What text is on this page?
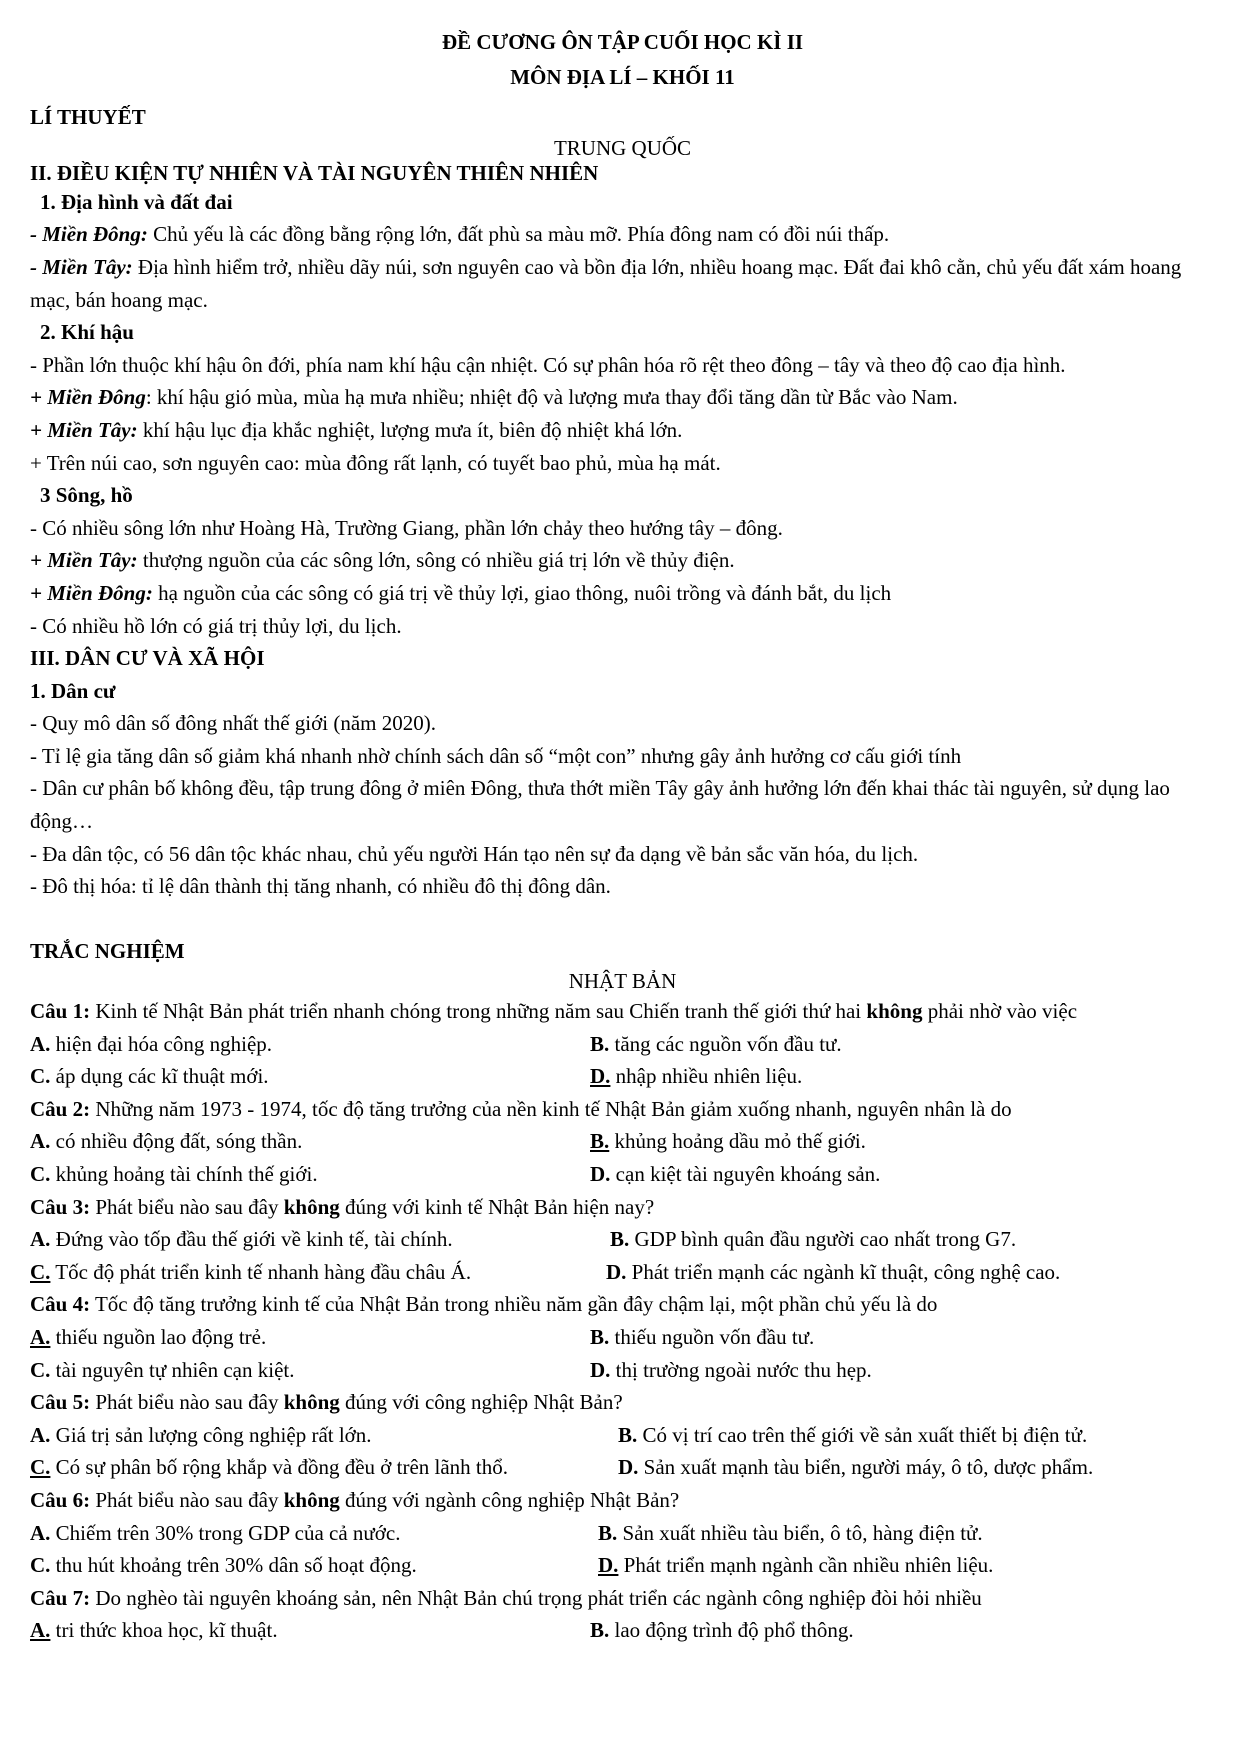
ĐỀ CƯƠNG ÔN TẬP CUỐI HỌC KÌ II
MÔN ĐỊA LÍ – KHỐI 11
LÍ THUYẾT
TRUNG QUỐC
II. ĐIỀU KIỆN TỰ NHIÊN VÀ TÀI NGUYÊN THIÊN NHIÊN
1. Địa hình và đất đai
- Miền Đông: Chủ yếu là các đồng bằng rộng lớn, đất phù sa màu mỡ. Phía đông nam có đồi núi thấp.
- Miền Tây: Địa hình hiểm trở, nhiều dãy núi, sơn nguyên cao và bồn địa lớn, nhiều hoang mạc. Đất đai khô cằn, chủ yếu đất xám hoang mạc, bán hoang mạc.
2. Khí hậu
- Phần lớn thuộc khí hậu ôn đới, phía nam khí hậu cận nhiệt. Có sự phân hóa rõ rệt theo đông – tây và theo độ cao địa hình.
+ Miền Đông: khí hậu gió mùa, mùa hạ mưa nhiều; nhiệt độ và lượng mưa thay đổi tăng dần từ Bắc vào Nam.
+ Miền Tây: khí hậu lục địa khắc nghiệt, lượng mưa ít, biên độ nhiệt khá lớn.
+ Trên núi cao, sơn nguyên cao: mùa đông rất lạnh, có tuyết bao phủ, mùa hạ mát.
3 Sông, hồ
- Có nhiều sông lớn như Hoàng Hà, Trường Giang, phần lớn chảy theo hướng tây – đông.
+ Miền Tây: thượng nguồn của các sông lớn, sông có nhiều giá trị lớn về thủy điện.
+ Miền Đông: hạ nguồn của các sông có giá trị về thủy lợi, giao thông, nuôi trồng và đánh bắt, du lịch
- Có nhiều hồ lớn có giá trị thủy lợi, du lịch.
III. DÂN CƯ VÀ XÃ HỘI
1. Dân cư
- Quy mô dân số đông nhất thế giới (năm 2020).
- Tỉ lệ gia tăng dân số giảm khá nhanh nhờ chính sách dân số “một con” nhưng gây ảnh hưởng cơ cấu giới tính
- Dân cư phân bố không đều, tập trung đông ở miên Đông, thưa thớt miền Tây gây ảnh hưởng lớn đến khai thác tài nguyên, sử dụng lao động…
- Đa dân tộc, có 56 dân tộc khác nhau, chủ yếu người Hán tạo nên sự đa dạng về bản sắc văn hóa, du lịch.
- Đô thị hóa: tỉ lệ dân thành thị tăng nhanh, có nhiều đô thị đông dân.
TRẮC NGHIỆM
NHẬT BẢN
Câu 1: Kinh tế Nhật Bản phát triển nhanh chóng trong những năm sau Chiến tranh thế giới thứ hai không phải nhờ vào việc
A. hiện đại hóa công nghiệp.	B. tăng các nguồn vốn đầu tư.
C. áp dụng các kĩ thuật mới.	D. nhập nhiều nhiên liệu.
Câu 2: Những năm 1973 - 1974, tốc độ tăng trưởng của nền kinh tế Nhật Bản giảm xuống nhanh, nguyên nhân là do
A. có nhiều động đất, sóng thần.	B. khủng hoảng dầu mỏ thế giới.
C. khủng hoảng tài chính thế giới.	D. cạn kiệt tài nguyên khoáng sản.
Câu 3: Phát biểu nào sau đây không đúng với kinh tế Nhật Bản hiện nay?
A. Đứng vào tốp đầu thế giới về kinh tế, tài chính.	B. GDP bình quân đầu người cao nhất trong G7.
C. Tốc độ phát triển kinh tế nhanh hàng đầu châu Á.	D. Phát triển mạnh các ngành kĩ thuật, công nghệ cao.
Câu 4: Tốc độ tăng trưởng kinh tế của Nhật Bản trong nhiều năm gần đây chậm lại, một phần chủ yếu là do
A. thiếu nguồn lao động trẻ.	B. thiếu nguồn vốn đầu tư.
C. tài nguyên tự nhiên cạn kiệt.	D. thị trường ngoài nước thu hẹp.
Câu 5: Phát biểu nào sau đây không đúng với công nghiệp Nhật Bản?
A. Giá trị sản lượng công nghiệp rất lớn.	B. Có vị trí cao trên thế giới về sản xuất thiết bị điện tử.
C. Có sự phân bố rộng khắp và đồng đều ở trên lãnh thổ.	D. Sản xuất mạnh tàu biển, người máy, ô tô, dược phẩm.
Câu 6: Phát biểu nào sau đây không đúng với ngành công nghiệp Nhật Bản?
A. Chiếm trên 30% trong GDP của cả nước.	B. Sản xuất nhiều tàu biển, ô tô, hàng điện tử.
C. thu hút khoảng trên 30% dân số hoạt động.	D. Phát triển mạnh ngành cần nhiều nhiên liệu.
Câu 7: Do nghèo tài nguyên khoáng sản, nên Nhật Bản chú trọng phát triển các ngành công nghiệp đòi hỏi nhiều
A. tri thức khoa học, kĩ thuật.	B. lao động trình độ phổ thông.
